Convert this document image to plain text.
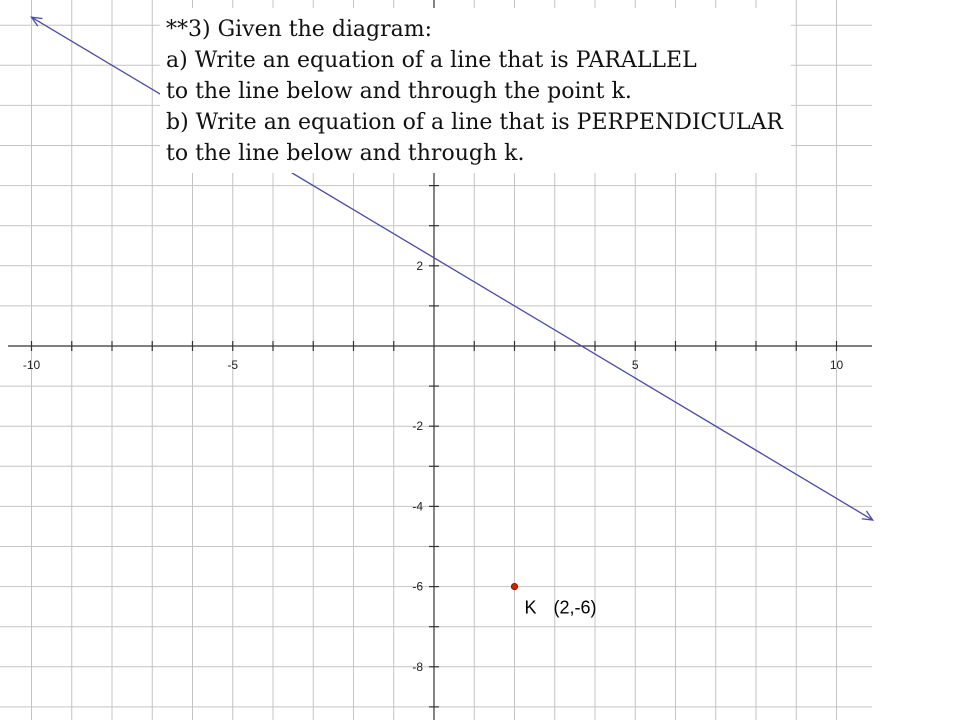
-10	-5	5	10
2
-2
-4
-6
-8
K (2,-6)
**3) Given the diagram:
a) Write an equation of a line that is PARALLEL
to the line below and through the point k.
b) Write an equation of a line that is PERPENDICULAR
to the line below and through k.
